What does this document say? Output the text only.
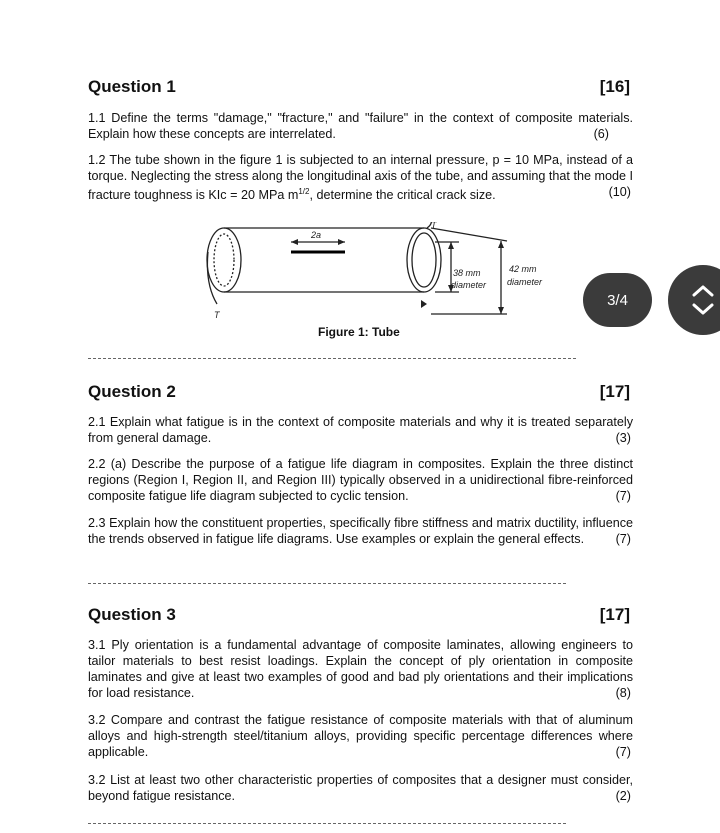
Question 1	[16]
1.1 Define the terms "damage," "fracture," and "failure" in the context of composite materials. Explain how these concepts are interrelated.	(6)
1.2 The tube shown in the figure 1 is subjected to an internal pressure, p = 10 MPa, instead of a torque. Neglecting the stress along the longitudinal axis of the tube, and assuming that the mode I fracture toughness is KIc = 20 MPa $m^{1/2}$, determine the critical crack size.	(10)
2a
38 mm
diameter
42 mm
diameter
T
T
Figure 1: Tube
Question 2	[17]
2.1 Explain what fatigue is in the context of composite materials and why it is treated separately from general damage.	(3)
2.2 (a) Describe the purpose of a fatigue life diagram in composites. Explain the three distinct regions (Region I, Region II, and Region III) typically observed in a unidirectional fibre-reinforced composite fatigue life diagram subjected to cyclic tension.	(7)
2.3 Explain how the constituent properties, specifically fibre stiffness and matrix ductility, influence the trends observed in fatigue life diagrams. Use examples or explain the general effects. (7)
Question 3	[17]
3.1 Ply orientation is a fundamental advantage of composite laminates, allowing engineers to tailor materials to best resist loadings. Explain the concept of ply orientation in composite laminates and give at least two examples of good and bad ply orientations and their implications for load resistance.	(8)
3.2 Compare and contrast the fatigue resistance of composite materials with that of aluminum alloys and high-strength steel/titanium alloys, providing specific percentage differences where applicable.	(7)
3.2 List at least two other characteristic properties of composites that a designer must consider, beyond fatigue resistance.	(2)
3/4
